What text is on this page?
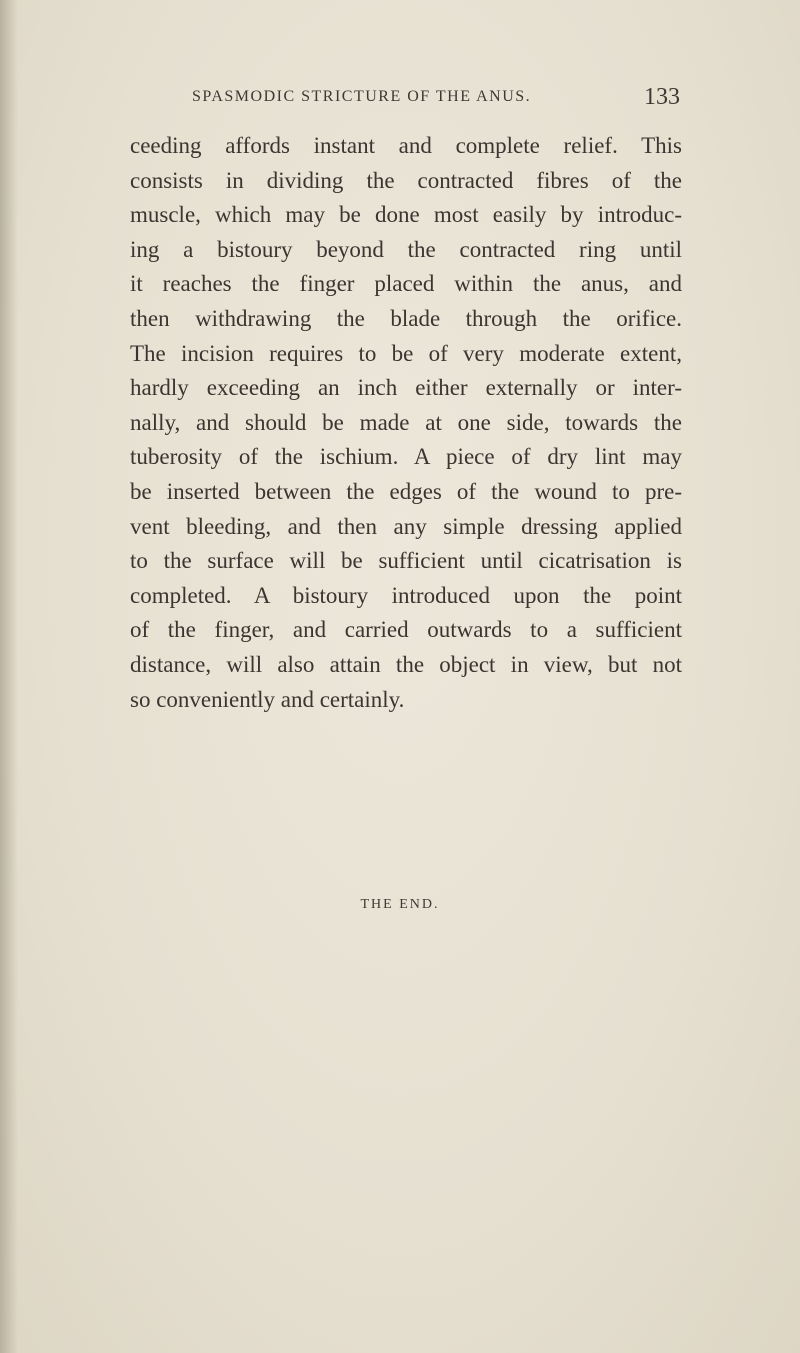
SPASMODIC STRICTURE OF THE ANUS.	133
ceeding affords instant and complete relief. This
consists in dividing the contracted fibres of the
muscle, which may be done most easily by introduc-
ing a bistoury beyond the contracted ring until
it reaches the finger placed within the anus, and
then withdrawing the blade through the orifice.
The incision requires to be of very moderate extent,
hardly exceeding an inch either externally or inter-
nally, and should be made at one side, towards the
tuberosity of the ischium. A piece of dry lint may
be inserted between the edges of the wound to pre-
vent bleeding, and then any simple dressing applied
to the surface will be sufficient until cicatrisation is
completed. A bistoury introduced upon the point
of the finger, and carried outwards to a sufficient
distance, will also attain the object in view, but not
so conveniently and certainly.
THE END.
